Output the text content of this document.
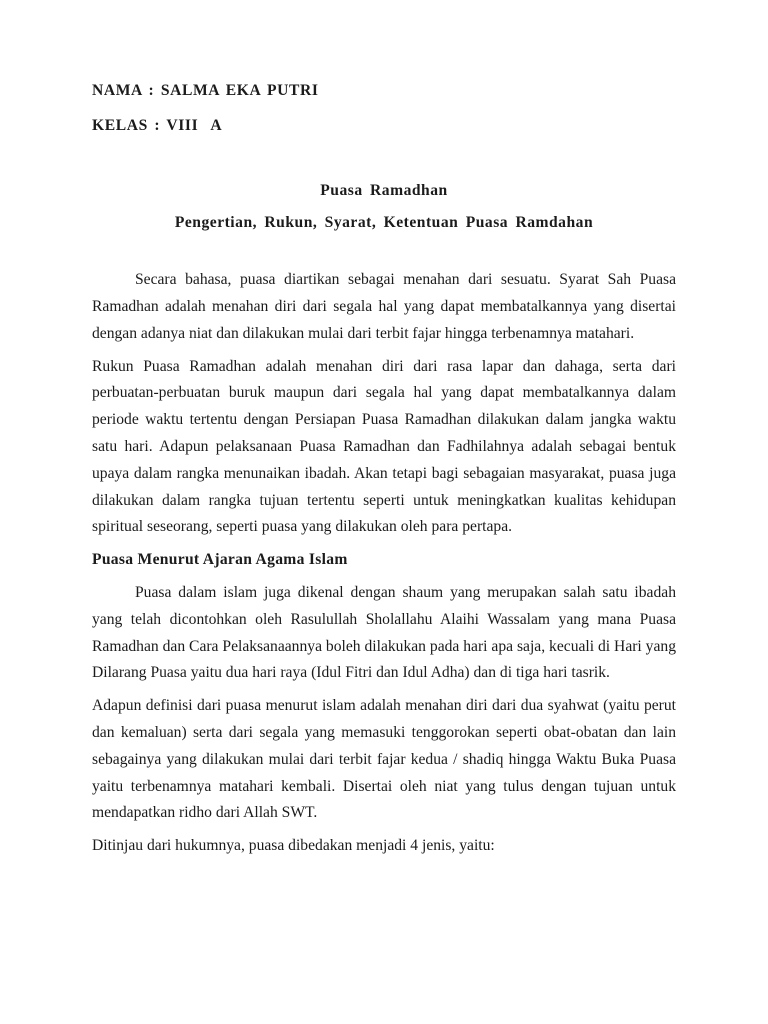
NAMA : SALMA EKA PUTRI

KELAS : VIII  A

Puasa Ramadhan

Pengertian, Rukun, Syarat, Ketentuan Puasa Ramdahan

Secara bahasa, puasa diartikan sebagai menahan dari sesuatu. Syarat Sah Puasa Ramadhan adalah menahan diri dari segala hal yang dapat membatalkannya yang disertai dengan adanya niat dan dilakukan mulai dari terbit fajar hingga terbenamnya matahari.

Rukun Puasa Ramadhan adalah menahan diri dari rasa lapar dan dahaga, serta dari perbuatan-perbuatan buruk maupun dari segala hal yang dapat membatalkannya dalam periode waktu tertentu dengan Persiapan Puasa Ramadhan dilakukan dalam jangka waktu satu hari. Adapun pelaksanaan Puasa Ramadhan dan Fadhilahnya adalah sebagai bentuk upaya dalam rangka menunaikan ibadah. Akan tetapi bagi sebagaian masyarakat, puasa juga dilakukan dalam rangka tujuan tertentu seperti untuk meningkatkan kualitas kehidupan spiritual seseorang, seperti puasa yang dilakukan oleh para pertapa.

Puasa Menurut Ajaran Agama Islam

Puasa dalam islam juga dikenal dengan shaum yang merupakan salah satu ibadah yang telah dicontohkan oleh Rasulullah Sholallahu Alaihi Wassalam yang mana Puasa Ramadhan dan Cara Pelaksanaannya boleh dilakukan pada hari apa saja, kecuali di Hari yang Dilarang Puasa yaitu dua hari raya (Idul Fitri dan Idul Adha) dan di tiga hari tasrik.

Adapun definisi dari puasa menurut islam adalah menahan diri dari dua syahwat (yaitu perut dan kemaluan) serta dari segala yang memasuki tenggorokan seperti obat-obatan dan lain sebagainya yang dilakukan mulai dari terbit fajar kedua / shadiq hingga Waktu Buka Puasa yaitu terbenamnya matahari kembali. Disertai oleh niat yang tulus dengan tujuan untuk mendapatkan ridho dari Allah SWT.

Ditinjau dari hukumnya, puasa dibedakan menjadi 4 jenis, yaitu:
